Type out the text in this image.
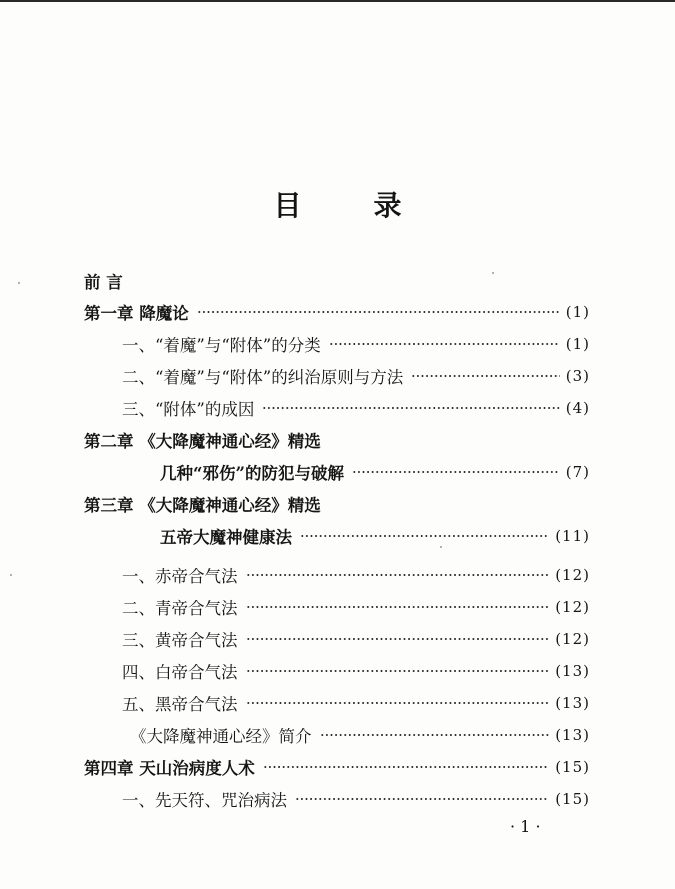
目	录
前 言
第一章 降魔论	(1)
一、“着魔”与“附体”的分类	(1)
二、“着魔”与“附体”的纠治原则与方法	(3)
三、“附体”的成因	(4)
第二章 《大降魔神通心经》精选
几种“邪伤”的防犯与破解	(7)
第三章 《大降魔神通心经》精选
五帝大魔神健康法	(11)
一、赤帝合气法	(12)
二、青帝合气法	(12)
三、黄帝合气法	(12)
四、白帝合气法	(13)
五、黑帝合气法	(13)
《大降魔神通心经》简介	(13)
第四章 天山治病度人术	(15)
一、先天符、咒治病法	(15)
· 1 ·
